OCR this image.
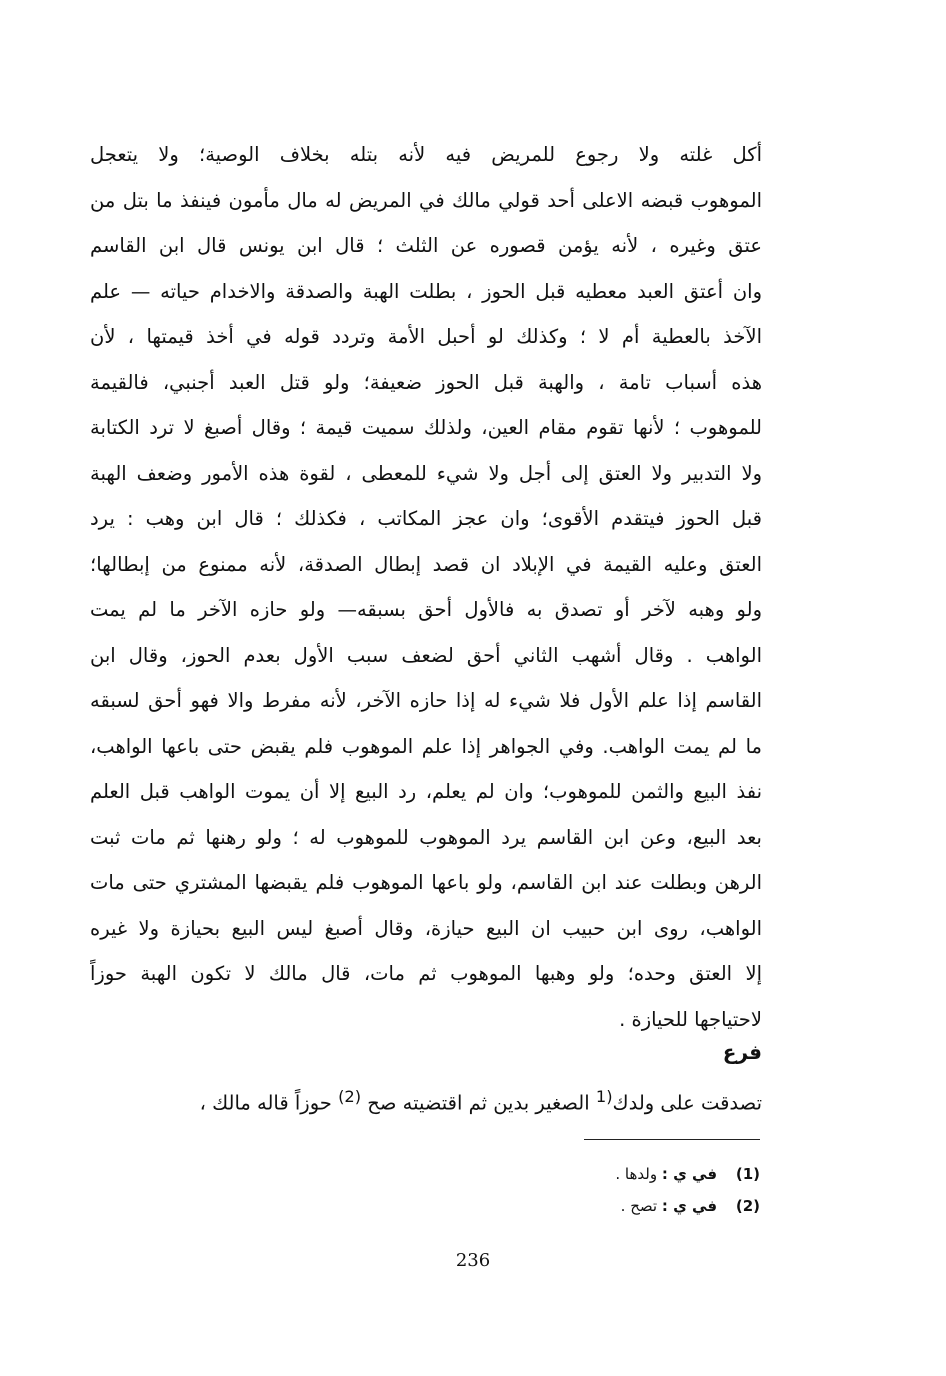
أكل غلته ولا رجوع للمريض فيه لأنه بتله بخلاف الوصية؛ ولا يتعجل
الموهوب قبضه الاعلى أحد قولي مالك في المريض له مال مأمون فينفذ ما بتل من
عتق وغيره ، لأنه يؤمن قصوره عن الثلث ؛ قال ابن يونس قال ابن القاسم
وان أعتق العبد معطيه قبل الحوز ، بطلت الهبة والصدقة والاخدام حياته — علم
الآخذ بالعطية أم لا ؛ وكذلك لو أحبل الأمة وتردد قوله في أخذ قيمتها ، لأن
هذه أسباب تامة ، والهبة قبل الحوز ضعيفة؛ ولو قتل العبد أجنبي، فالقيمة
للموهوب ؛ لأنها تقوم مقام العين، ولذلك سميت قيمة ؛ وقال أصبغ لا ترد الكتابة
ولا التدبير ولا العتق إلى أجل ولا شيء للمعطى ، لقوة هذه الأمور وضعف الهبة
قبل الحوز فيتقدم الأقوى؛ وان عجز المكاتب ، فكذلك ؛ قال ابن وهب : يرد
العتق وعليه القيمة في الإبلاد ان قصد إبطال الصدقة، لأنه ممنوع من إبطالها؛
ولو وهبه لآخر أو تصدق به فالأول أحق بسبقه— ولو حازه الآخر ما لم يمت
الواهب . وقال أشهب الثاني أحق لضعف سبب الأول بعدم الحوز، وقال ابن
القاسم إذا علم الأول فلا شيء له إذا حازه الآخر، لأنه مفرط والا فهو أحق لسبقه
ما لم يمت الواهب. وفي الجواهر إذا علم الموهوب فلم يقبض حتى باعها الواهب،
نفذ البيع والثمن للموهوب؛ وان لم يعلم، رد البيع إلا أن يموت الواهب قبل العلم
بعد البيع، وعن ابن القاسم يرد الموهوب للموهوب له ؛ ولو رهنها ثم مات ثبت
الرهن وبطلت عند ابن القاسم، ولو باعها الموهوب فلم يقبضها المشتري حتى مات
الواهب، روى ابن حبيب ان البيع حيازة، وقال أصبغ ليس البيع بحيازة ولا غيره
إلا العتق وحده؛ ولو وهبها الموهوب ثم مات، قال مالك لا تكون الهبة حوزاً
لاحتياجها للحيازة .
فرع
تصدقت على ولدك$^{(1}$ الصغير بدين ثم اقتضيته صح $^{(2)}$ حوزاً قاله مالك ،
(1) في ي : ولدها .
(2) في ي : تصح .
236
